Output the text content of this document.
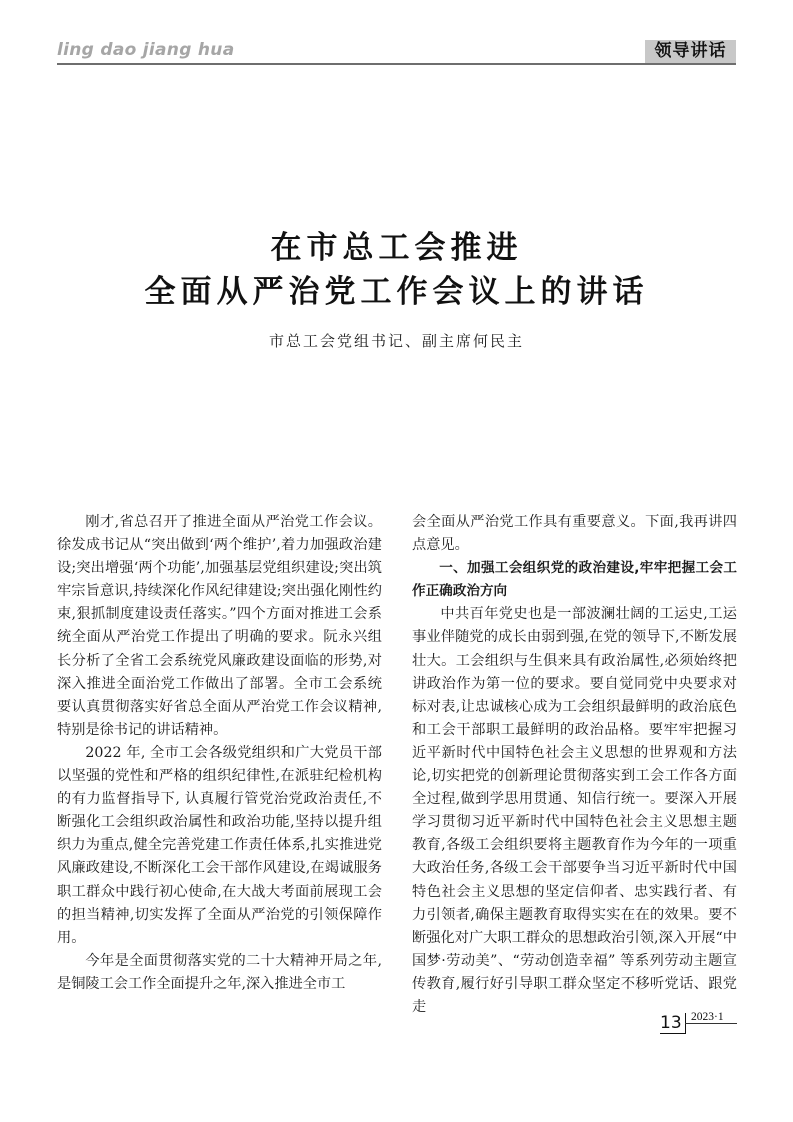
ling dao jiang hua	领导讲话
在市总工会推进
全面从严治党工作会议上的讲话
市总工会党组书记、副主席何民主

刚才,省总召开了推进全面从严治党工作会议。徐发成书记从“突出做到‘两个维护’,着力加强政治建设;突出增强‘两个功能’,加强基层党组织建设;突出筑牢宗旨意识,持续深化作风纪律建设;突出强化刚性约束,狠抓制度建设责任落实。”四个方面对推进工会系统全面从严治党工作提出了明确的要求。阮永兴组长分析了全省工会系统党风廉政建设面临的形势,对深入推进全面治党工作做出了部署。全市工会系统要认真贯彻落实好省总全面从严治党工作会议精神,特别是徐书记的讲话精神。

2022 年, 全市工会各级党组织和广大党员干部以坚强的党性和严格的组织纪律性,在派驻纪检机构的有力监督指导下, 认真履行管党治党政治责任,不断强化工会组织政治属性和政治功能,坚持以提升组织力为重点,健全完善党建工作责任体系,扎实推进党风廉政建设,不断深化工会干部作风建设,在竭诚服务职工群众中践行初心使命,在大战大考面前展现工会的担当精神,切实发挥了全面从严治党的引领保障作用。

今年是全面贯彻落实党的二十大精神开局之年,是铜陵工会工作全面提升之年,深入推进全市工

会全面从严治党工作具有重要意义。下面,我再讲四点意见。

一、加强工会组织党的政治建设,牢牢把握工会工作正确政治方向

中共百年党史也是一部波澜壮阔的工运史,工运事业伴随党的成长由弱到强,在党的领导下,不断发展壮大。工会组织与生俱来具有政治属性,必须始终把讲政治作为第一位的要求。要自觉同党中央要求对标对表,让忠诚核心成为工会组织最鲜明的政治底色和工会干部职工最鲜明的政治品格。要牢牢把握习近平新时代中国特色社会主义思想的世界观和方法论,切实把党的创新理论贯彻落实到工会工作各方面全过程,做到学思用贯通、知信行统一。要深入开展学习贯彻习近平新时代中国特色社会主义思想主题教育,各级工会组织要将主题教育作为今年的一项重大政治任务,各级工会干部要争当习近平新时代中国特色社会主义思想的坚定信仰者、忠实践行者、有力引领者,确保主题教育取得实实在在的效果。要不断强化对广大职工群众的思想政治引领,深入开展“中国梦·劳动美”、“劳动创造幸福” 等系列劳动主题宣传教育,履行好引导职工群众坚定不移听党话、跟党走

13 2023·1
